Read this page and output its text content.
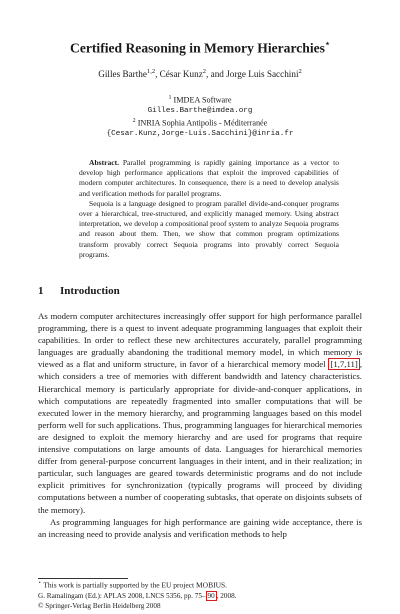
Certified Reasoning in Memory Hierarchies⋆
Gilles Barthe$^{1,2}$, César Kunz$^2$, and Jorge Luis Sacchini$^2$
$^1$ IMDEA Software
Gilles.Barthe@imdea.org
$^2$ INRIA Sophia Antipolis - Méditerranée
{Cesar.Kunz,Jorge-Luis.Sacchini}@inria.fr

Abstract. Parallel programming is rapidly gaining importance as a vector to develop high performance applications that exploit the improved capabilities of modern computer architectures. In consequence, there is a need to develop analysis and verification methods for parallel programs.

Sequoia is a language designed to program parallel divide-and-conquer programs over a hierarchical, tree-structured, and explicitly managed memory. Using abstract interpretation, we develop a compositional proof system to analyze Sequoia programs and reason about them. Then, we show that common program optimizations transform provably correct Sequoia programs into provably correct Sequoia programs.

1 Introduction

As modern computer architectures increasingly offer support for high performance parallel programming, there is a quest to invent adequate programming languages that exploit their capabilities. In order to reflect these new architectures accurately, parallel programming languages are gradually abandoning the traditional memory model, in which memory is viewed as a flat and uniform structure, in favor of a hierarchical memory model [1,7,11] , which considers a tree of memories with different bandwidth and latency characteristics. Hierarchical memory is particularly appropriate for divide-and-conquer applications, in which computations are repeatedly fragmented into smaller computations that will be executed lower in the memory hierarchy, and programming languages based on this model perform well for such applications. Thus, programming languages for hierarchical memories are designed to exploit the memory hierarchy and are used for programs that require intensive computations on large amounts of data. Languages for hierarchical memories differ from general-purpose concurrent languages in their intent, and in their realization; in particular, such languages are geared towards deterministic programs and do not include explicit primitives for synchronization (typically programs will proceed by dividing computations between a number of cooperating subtasks, that operate on disjoints subsets of the memory).

As programming languages for high performance are gaining wide acceptance, there is an increasing need to provide analysis and verification methods to help

⋆ This work is partially supported by the EU project MOBIUS.
G. Ramalingam (Ed.): APLAS 2008, LNCS 5356, pp. 75– 90 , 2008.
© Springer-Verlag Berlin Heidelberg 2008
